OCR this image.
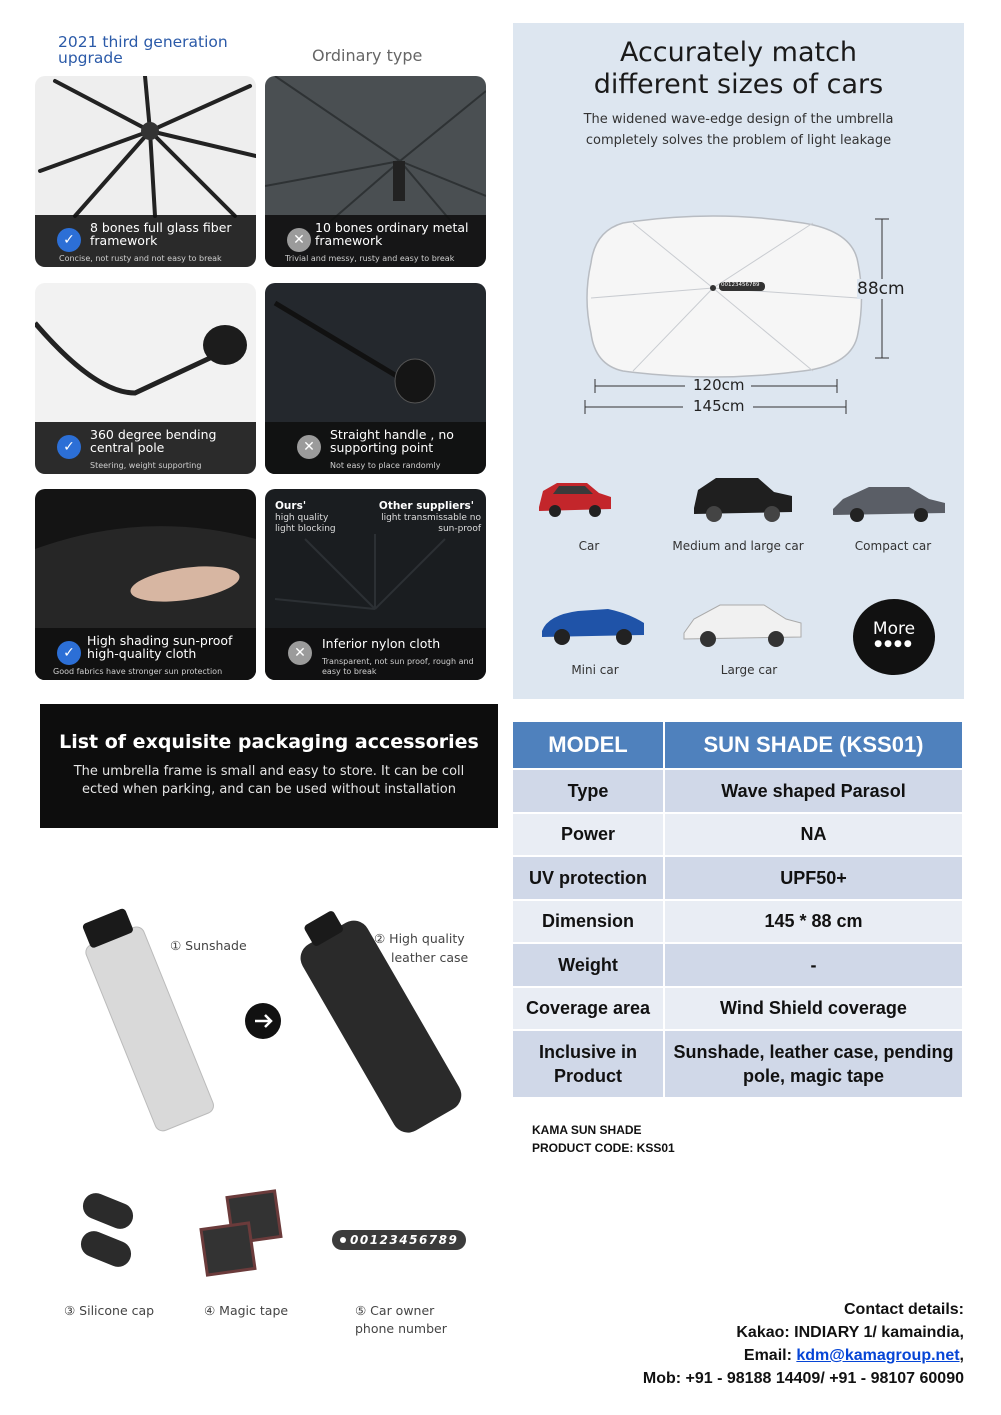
2021 third generation upgrade	Ordinary type
✓
8 bones full glass fiber framework
Concise, not rusty and not easy to break
✕
10 bones ordinary metal framework
Trivial and messy, rusty and easy to break
✓
360 degree bending central pole
Steering, weight supporting
✕
Straight handle , no supporting point
Not easy to place randomly
✓
High shading sun-proof high-quality cloth
Good fabrics have stronger sun protection
Ours'
high quality light blocking
Other suppliers'
light transmissable no sun-proof
✕
Inferior nylon cloth
Transparent, not sun proof, rough and easy to break
Accurately match different sizes of cars
The widened wave-edge design of the umbrella completely solves the problem of light leakage
00123456789	88cm
120cm
145cm
Car	Medium and large car	Compact car
Mini car	Large car
More
●●●●
List of exquisite packaging accessories
The umbrella frame is small and easy to store. It can be coll ected when parking, and can be used without installation
① Sunshade	② High quality
leather case
00123456789
③ Silicone cap	④ Magic tape	⑤ Car owner
phone number
MODEL	SUN SHADE (KSS01)
Type	Wave shaped Parasol
Power	NA
UV protection	UPF50+
Dimension	145 * 88 cm
Weight	-
Coverage area	Wind Shield coverage
Inclusive in Product	Sunshade, leather case, pending pole, magic tape
KAMA SUN SHADE
PRODUCT CODE: KSS01
Contact details:
Kakao: INDIARY 1/ kamaindia,
Email: kdm@kamagroup.net,
Mob: +91 - 98188 14409/ +91 - 98107 60090
